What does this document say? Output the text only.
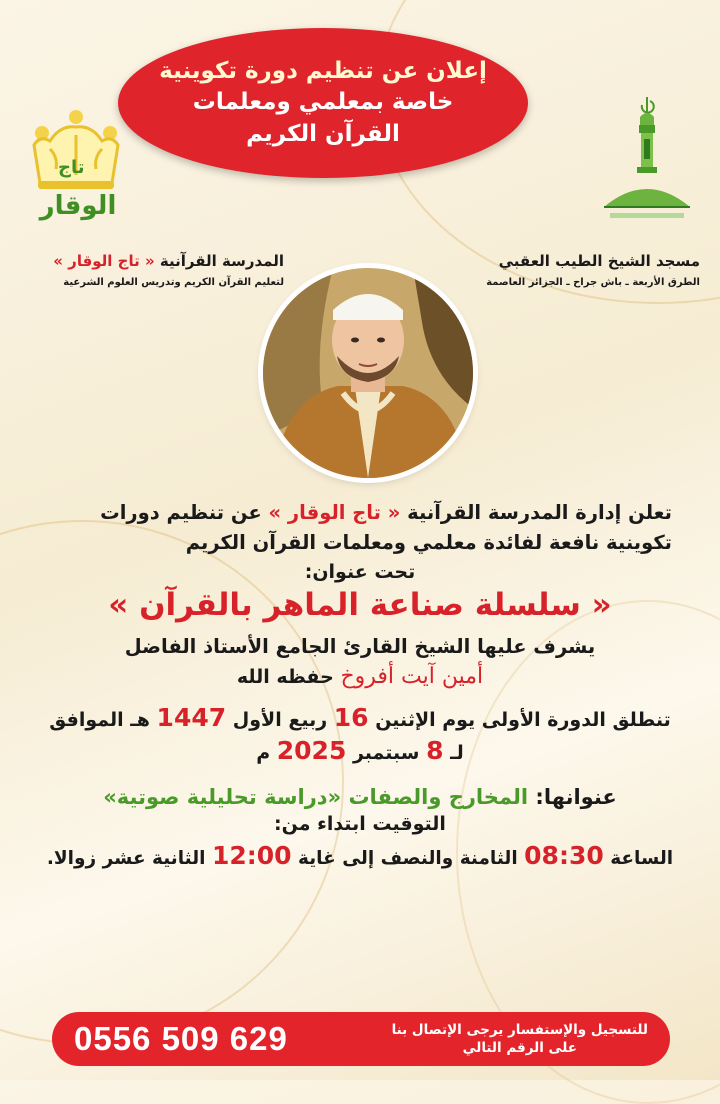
إعلان عن تنظيم دورة تكوينية
خاصة بمعلمي ومعلمات
القرآن الكريم
تاج
الوقار
مسجد الشيخ الطيب العقبي
الطرق الأربعة ـ باش جراح ـ الجزائر العاصمة
المدرسة القرآنية « تاج الوقار »
لتعليم القرآن الكريم وتدريس العلوم الشرعية
تعلن إدارة المدرسة القرآنية « تاج الوقار » عن تنظيم دورات
تكوينية نافعة لفائدة معلمي ومعلمات القرآن الكريم
تحت عنوان:
« سلسلة صناعة الماهر بالقرآن »
يشرف عليها الشيخ القارئ الجامع الأستاذ الفاضل
أمين آيت أفروخ حفظه الله
تنطلق الدورة الأولى يوم الإثنين 16 ربيع الأول 1447 هـ الموافق
لـ 8 سبتمبر 2025 م
عنوانها: المخارج والصفات «دراسة تحليلية صوتية»
التوقيت ابتداء من:
الساعة 08:30 الثامنة والنصف إلى غاية 12:00 الثانية عشر زوالا.
0556 509 629	للتسجيل والإستفسار يرجى الإتصال بنا
على الرقم التالي
